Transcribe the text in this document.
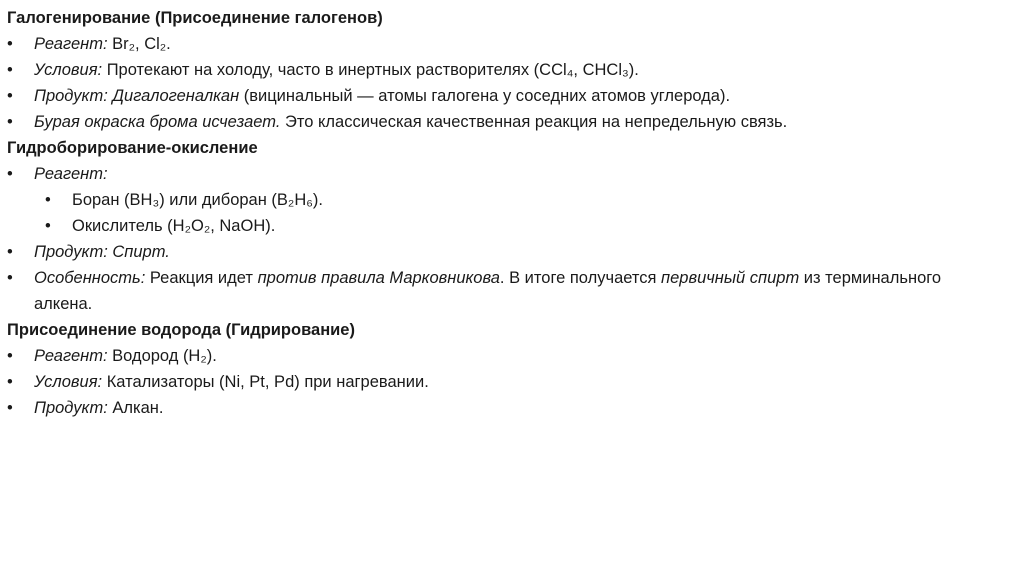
Галогенирование (Присоединение галогенов)
• Реагент: Br₂, Cl₂.
• Условия: Протекают на холоду, часто в инертных растворителях (CCl₄, CHCl₃).
• Продукт: Дигалогеналкан (вицинальный — атомы галогена у соседних атомов углерода).
• Бурая окраска брома исчезает. Это классическая качественная реакция на непредельную связь.
Гидроборирование-окисление
• Реагент:
• Боран (BH₃) или диборан (B₂H₆).
• Окислитель (H₂O₂, NaOH).
• Продукт: Спирт.
• Особенность: Реакция идет против правила Марковникова. В итоге получается первичный спирт из терминального алкена.
Присоединение водорода (Гидрирование)
• Реагент: Водород (H₂).
• Условия: Катализаторы (Ni, Pt, Pd) при нагревании.
• Продукт: Алкан.
